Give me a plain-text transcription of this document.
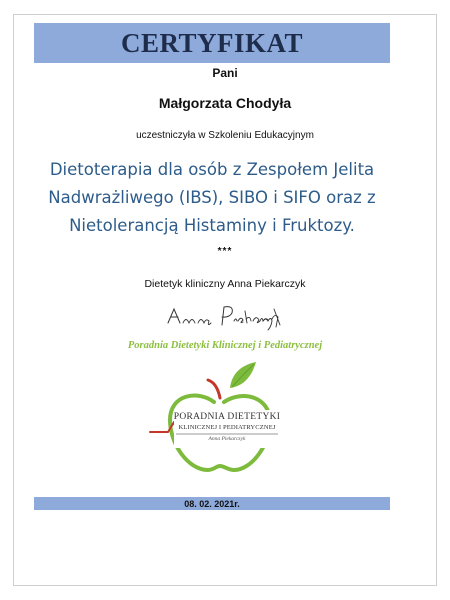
CERTYFIKAT
Pani
Małgorzata Chodyła
uczestniczyła w Szkoleniu Edukacyjnym
Dietoterapia dla osób z Zespołem Jelita
Nadwrażliwego (IBS), SIBO i SIFO oraz z
Nietolerancją Histaminy i Fruktozy.
***
Dietetyk kliniczny Anna Piekarczyk
Poradnia Dietetyki Klinicznej i Pediatrycznej
PORADNIA DIETETYKI
KLINICZNEJ I PEDIATRYCZNEJ
Anna Piekarczyk
08. 02. 2021r.
